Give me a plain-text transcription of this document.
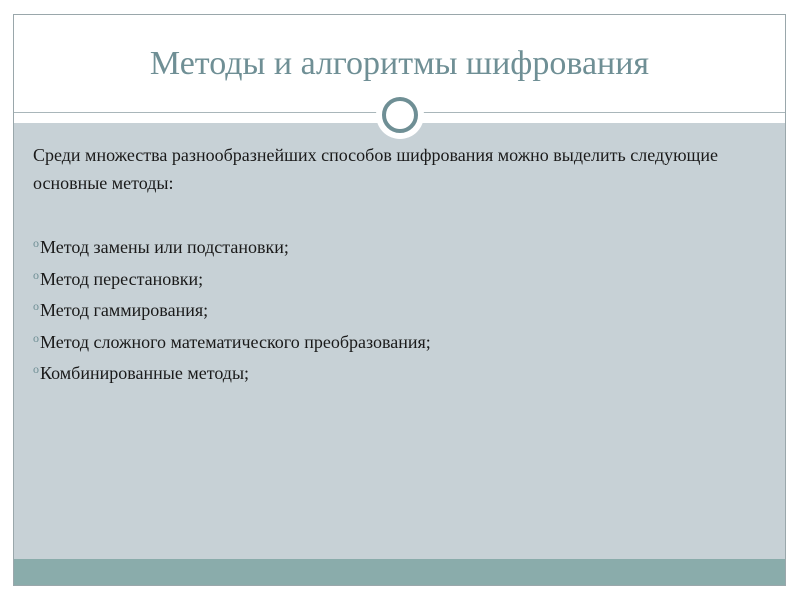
Методы и алгоритмы шифрования

Среди множества разнообразнейших способов шифрования можно выделить следующие основные методы:

oМетод замены или подстановки;
oМетод перестановки;
oМетод гаммирования;
oМетод сложного математического преобразования;
oКомбинированные методы;
